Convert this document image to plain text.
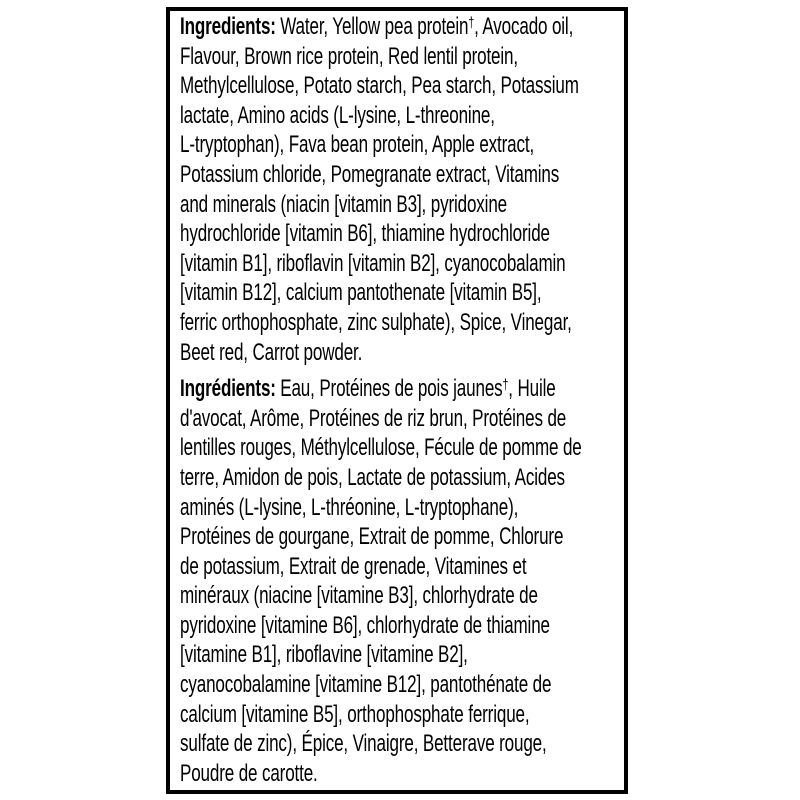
Ingredients: Water, Yellow pea protein†, Avocado oil,
Flavour, Brown rice protein, Red lentil protein,
Methylcellulose, Potato starch, Pea starch, Potassium
lactate, Amino acids (L-lysine, L-threonine,
L-tryptophan), Fava bean protein, Apple extract,
Potassium chloride, Pomegranate extract, Vitamins
and minerals (niacin [vitamin B3], pyridoxine
hydrochloride [vitamin B6], thiamine hydrochloride
[vitamin B1], riboflavin [vitamin B2], cyanocobalamin
[vitamin B12], calcium pantothenate [vitamin B5],
ferric orthophosphate, zinc sulphate), Spice, Vinegar,
Beet red, Carrot powder.

Ingrédients: Eau, Protéines de pois jaunes†, Huile
d'avocat, Arôme, Protéines de riz brun, Protéines de
lentilles rouges, Méthylcellulose, Fécule de pomme de
terre, Amidon de pois, Lactate de potassium, Acides
aminés (L-lysine, L-thréonine, L-tryptophane),
Protéines de gourgane, Extrait de pomme, Chlorure
de potassium, Extrait de grenade, Vitamines et
minéraux (niacine [vitamine B3], chlorhydrate de
pyridoxine [vitamine B6], chlorhydrate de thiamine
[vitamine B1], riboflavine [vitamine B2],
cyanocobalamine [vitamine B12], pantothénate de
calcium [vitamine B5], orthophosphate ferrique,
sulfate de zinc), Épice, Vinaigre, Betterave rouge,
Poudre de carotte.
